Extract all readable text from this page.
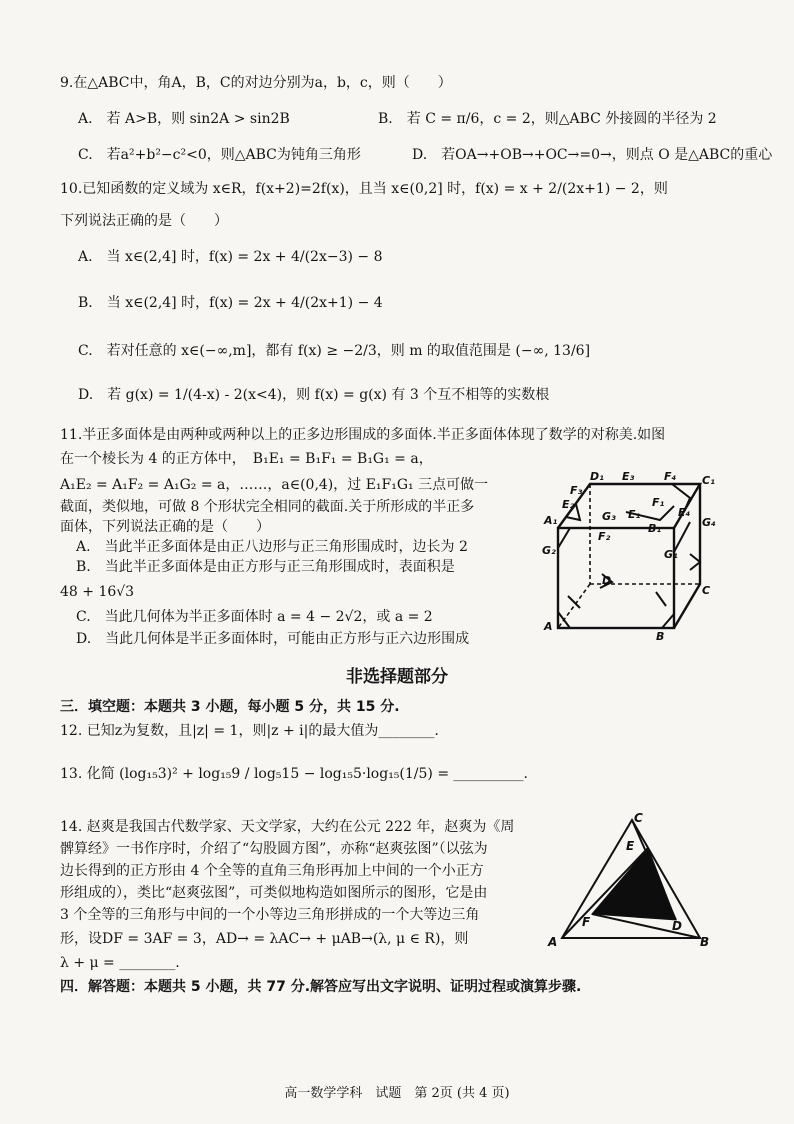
9.在△ABC中，角A，B，C的对边分别为a，b，c，则（　　）
A.　若 A>B，则 sin2A > sin2B	B.　若 C = π/6，c = 2，则△ABC 外接圆的半径为 2
C.　若a²+b²−c²<0，则△ABC为钝角三角形	D.　若OA→+OB→+OC→=0→，则点 O 是△ABC的重心
10.已知函数的定义域为 x∈R，f(x+2)=2f(x)，且当 x∈(0,2] 时，f(x) = x + 2/(2x+1) − 2，则
下列说法正确的是（　　）
A.　当 x∈(2,4] 时，f(x) = 2x + 4/(2x−3) − 8
B.　当 x∈(2,4] 时，f(x) = 2x + 4/(2x+1) − 4
C.　若对任意的 x∈(−∞,m]，都有 f(x) ≥ −2/3，则 m 的取值范围是 (−∞, 13/6]
D.　若 g(x) = 1/(4-x) - 2(x<4)，则 f(x) = g(x) 有 3 个互不相等的实数根
11.半正多面体是由两种或两种以上的正多边形围成的多面体.半正多面体体现了数学的对称美.如图
在一个棱长为 4 的正方体中，　B₁E₁ = B₁F₁ = B₁G₁ = a，
A₁E₂ = A₁F₂ = A₁G₂ = a，……，a∈(0,4)，过 E₁F₁G₁ 三点可做一
截面，类似地，可做 8 个形状完全相同的截面.关于所形成的半正多
面体，下列说法正确的是（　　）
A.　当此半正多面体是由正八边形与正三角形围成时，边长为 2
B.　当此半正多面体是由正方形与正三角形围成时，表面积是
48 + 16√3
C.　当此几何体为半正多面体时 a = 4 − 2√2，或 a = 2
D.　当此几何体是半正多面体时，可能由正方形与正六边形围成
D₁ E₃	F₄ C₁
F₃
E₂	F₁
A₁	G₃ E₁
B₁
E₄
G₄
F₂
G₂	G₁
D
C
A
B
非选择题部分
三．填空题：本题共 3 小题，每小题 5 分，共 15 分.
12. 已知z为复数，且|z| = 1，则|z + i|的最大值为________.
13. 化简 (log₁₅3)² + log₁₅9 / log₅15 − log₁₅5·log₁₅(1/5) = __________.
14. 赵爽是我国古代数学家、天文学家，大约在公元 222 年，赵爽为《周
髀算经》一书作序时，介绍了“勾股圆方图”，亦称“赵爽弦图”（以弦为
边长得到的正方形由 4 个全等的直角三角形再加上中间的一个小正方
形组成的），类比“赵爽弦图”，可类似地构造如图所示的图形，它是由
3 个全等的三角形与中间的一个小等边三角形拼成的一个大等边三角
形，设DF = 3AF = 3，AD→ = λAC→ + μAB→(λ, μ ∈ R)，则
λ + μ = ________.
C
E
F	D
A	B
四．解答题：本题共 5 小题，共 77 分.解答应写出文字说明、证明过程或演算步骤.
高一数学学科　试题　第 2页 (共 4 页)
